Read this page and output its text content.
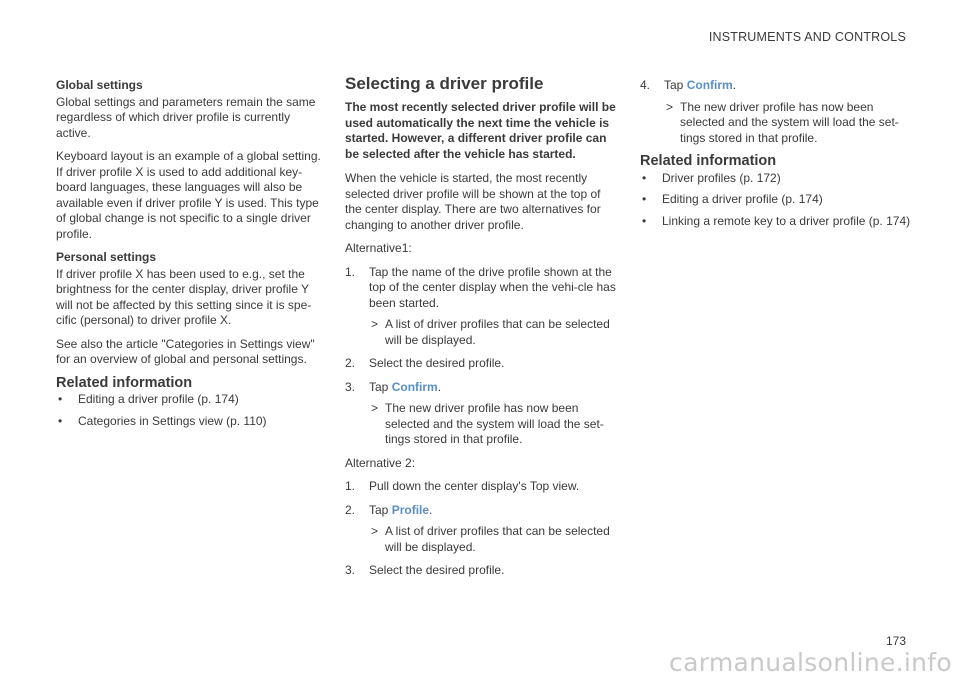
INSTRUMENTS AND CONTROLS
Global settings

Global settings and parameters remain the same regardless of which driver profile is currently active.

Keyboard layout is an example of a global setting. If driver profile X is used to add additional key-board languages, these languages will also be available even if driver profile Y is used. This type of global change is not specific to a single driver profile.

Personal settings

If driver profile X has been used to e.g., set the brightness for the center display, driver profile Y will not be affected by this setting since it is spe-cific (personal) to driver profile X.

See also the article "Categories in Settings view" for an overview of global and personal settings.

Related information
• Editing a driver profile (p. 174)
• Categories in Settings view (p. 110)
Selecting a driver profile

The most recently selected driver profile will be used automatically the next time the vehicle is started. However, a different driver profile can be selected after the vehicle has started.

When the vehicle is started, the most recently selected driver profile will be shown at the top of the center display. There are two alternatives for changing to another driver profile.

Alternative1:

1. Tap the name of the drive profile shown at the top of the center display when the vehi-cle has been started.
> A list of driver profiles that can be selected will be displayed.
2. Select the desired profile.
3. Tap Confirm.
> The new driver profile has now been selected and the system will load the set-tings stored in that profile.

Alternative 2:

1. Pull down the center display's Top view.
2. Tap Profile.
> A list of driver profiles that can be selected will be displayed.
3. Select the desired profile.
4. Tap Confirm.
> The new driver profile has now been selected and the system will load the set-tings stored in that profile.
Related information
• Driver profiles (p. 172)
• Editing a driver profile (p. 174)
• Linking a remote key to a driver profile (p. 174)
173
carmanualsonline.info
